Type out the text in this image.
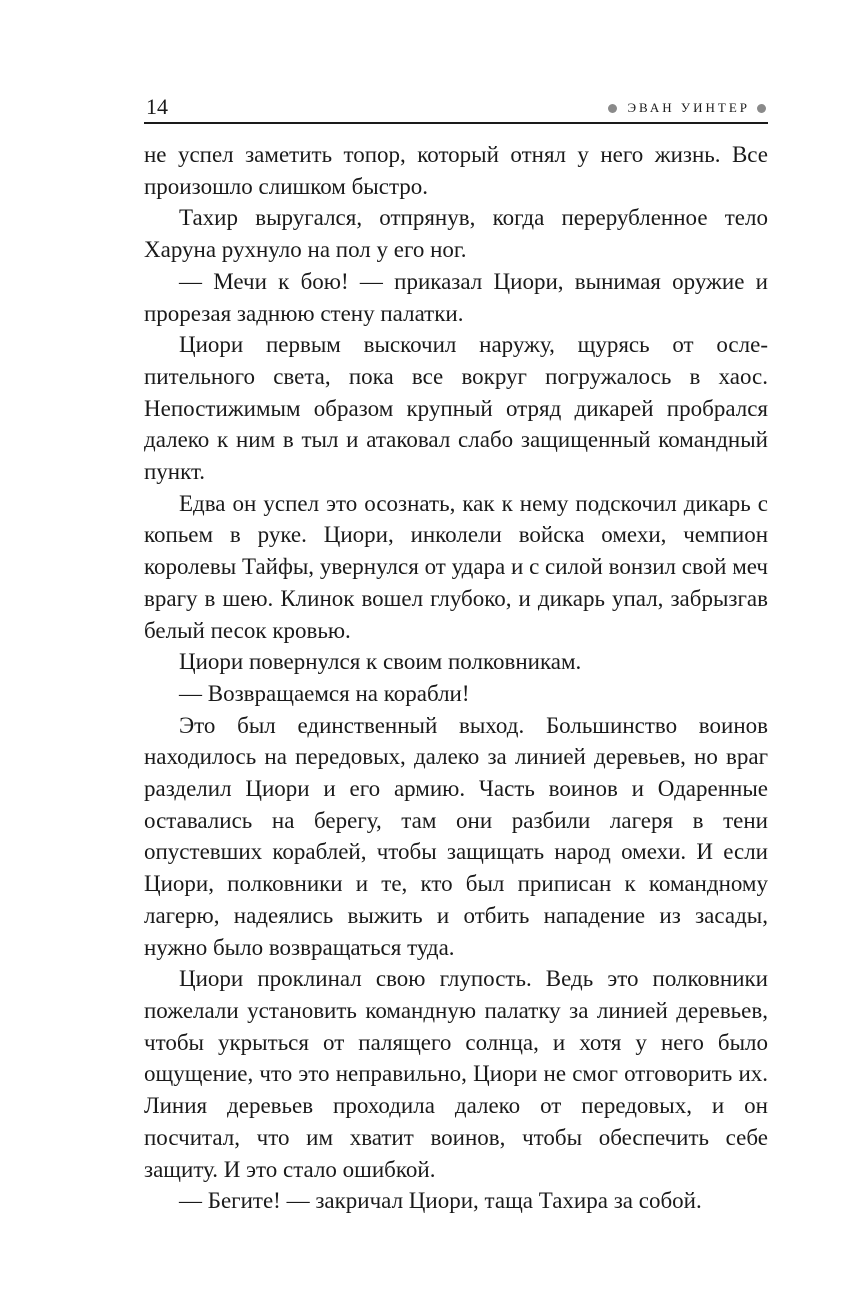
14	ЭВАН УИНТЕР

не успел заметить топор, который отнял у него жизнь. Все произошло слишком быстро.

Тахир выругался, отпрянув, когда перерубленное тело Харуна рухнуло на пол у его ног.

— Мечи к бою! — приказал Циори, вынимая оружие и прорезая заднюю стену палатки.

Циори первым выскочил наружу, щурясь от ослепительного света, пока все вокруг погружалось в хаос. Непостижимым образом крупный отряд дикарей пробрался далеко к ним в тыл и атаковал слабо защищенный командный пункт.

Едва он успел это осознать, как к нему подскочил дикарь с копьем в руке. Циори, инколели войска омехи, чемпион королевы Тайфы, увернулся от удара и с силой вонзил свой меч врагу в шею. Клинок вошел глубоко, и дикарь упал, забрызгав белый песок кровью.

Циори повернулся к своим полковникам.

— Возвращаемся на корабли!

Это был единственный выход. Большинство воинов находилось на передовых, далеко за линией деревьев, но враг разделил Циори и его армию. Часть воинов и Одаренные оставались на берегу, там они разбили лагеря в тени опустевших кораблей, чтобы защищать народ омехи. И если Циори, полковники и те, кто был приписан к командному лагерю, надеялись выжить и отбить нападение из засады, нужно было возвращаться туда.

Циори проклинал свою глупость. Ведь это полковники пожелали установить командную палатку за линией деревьев, чтобы укрыться от палящего солнца, и хотя у него было ощущение, что это неправильно, Циори не смог отговорить их. Линия деревьев проходила далеко от передовых, и он посчитал, что им хватит воинов, чтобы обеспечить себе защиту. И это стало ошибкой.

— Бегите! — закричал Циори, таща Тахира за собой.
